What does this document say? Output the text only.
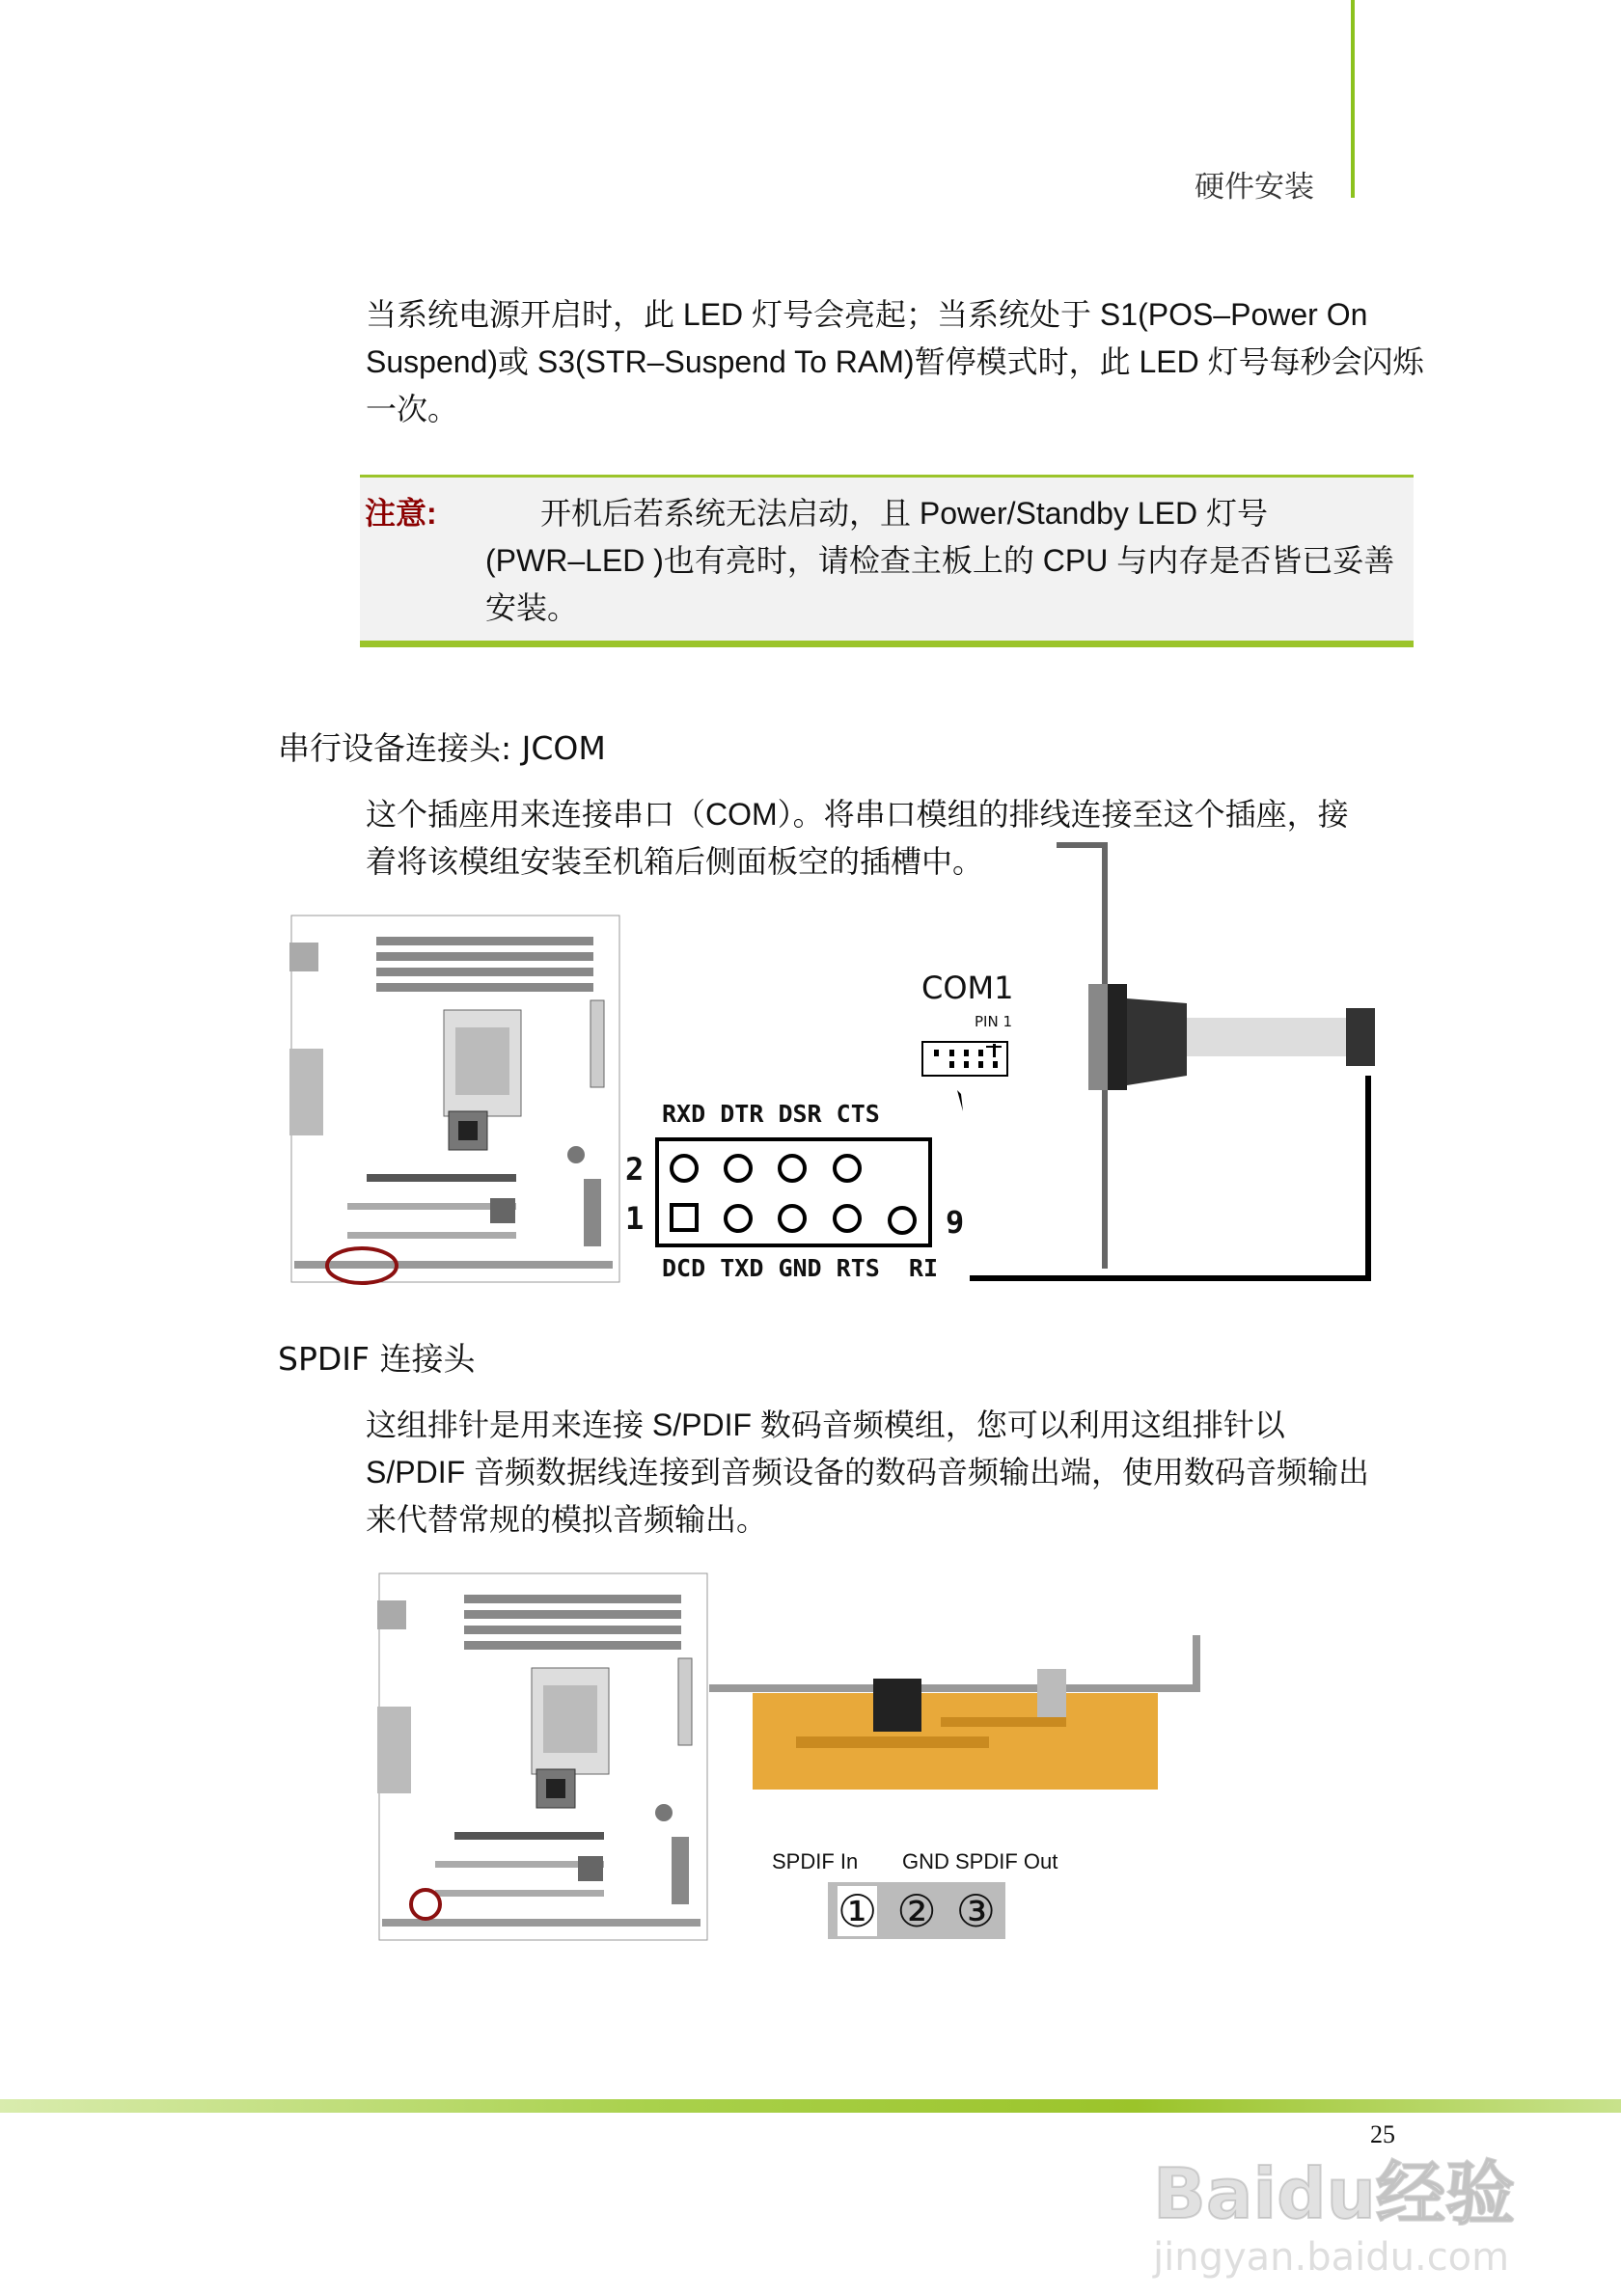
硬件安装
当系统电源开启时，此 LED 灯号会亮起；当系统处于 S1(POS–Power On
Suspend)或 S3(STR–Suspend To RAM)暂停模式时，此 LED 灯号每秒会闪烁
一次。
注意:	开机后若系统无法启动，且 Power/Standby LED 灯号
(PWR–LED )也有亮时，请检查主板上的 CPU 与内存是否皆已妥善
安装。
串行设备连接头: JCOM
这个插座用来连接串口（COM）。将串口模组的排线连接至这个插座，接
着将该模组安装至机箱后侧面板空的插槽中。
RXD DTR DSR CTS
2
1	9
DCD TXD GND RTS RI
COM1
PIN 1
SPDIF 连接头
这组排针是用来连接 S/PDIF 数码音频模组，您可以利用这组排针以
S/PDIF 音频数据线连接到音频设备的数码音频输出端，使用数码音频输出
来代替常规的模拟音频输出。
SPDIF In GND SPDIF Out
① ② ③
25
Baidu经验
jingyan.baidu.com
